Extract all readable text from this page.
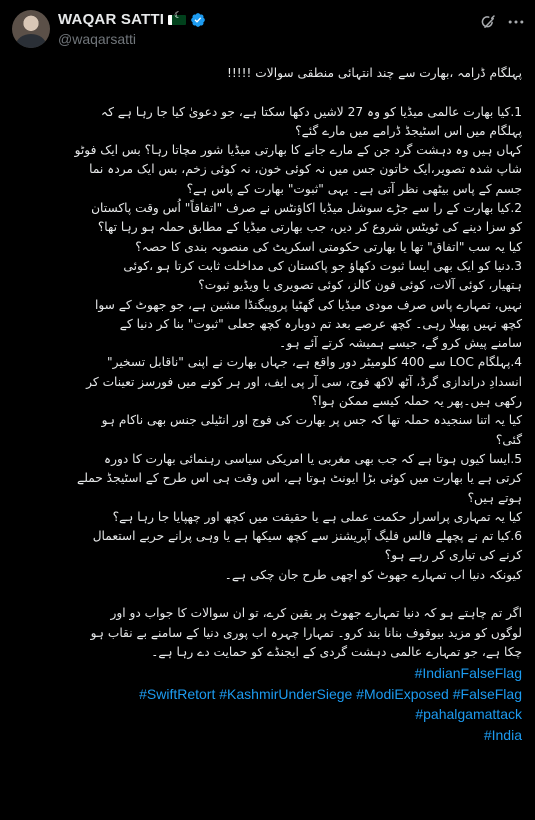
WAQAR SATTI
☾
@waqarsatti

پہلگام ڈرامہ ،بھارت سے چند انتہائی منطقی سوالات !!!!!

1.کیا بھارت عالمی میڈیا کو وہ 27 لاشیں دکھا سکتا ہے، جو دعویٰ کیا جا رہا ہے کہ

پہلگام میں اس اسٹیجڈ ڈرامے میں مارے گئے؟

کہاں ہیں وہ دہشت گرد جن کے مارے جانے کا بھارتی میڈیا شور مچاتا رہا؟ بس ایک فوٹو

شاپ شدہ تصویر،ایک خاتون جس میں نہ کوئی خون، نہ کوئی زخم، بس ایک مردہ نما

جسم کے پاس بیٹھی نظر آتی ہے۔ یہی "ثبوت" بھارت کے پاس ہے؟

2.کیا بھارت کے را سے جڑے سوشل میڈیا اکاؤنٹس نے صرف "اتفاقاً" اُس وقت پاکستان

کو سزا دینے کی ٹویٹس شروع کر دیں، جب بھارتی میڈیا کے مطابق حملہ ہو رہا تھا؟

کیا یہ سب "اتفاق" تھا یا بھارتی حکومتی اسکرپٹ کی منصوبہ بندی کا حصہ؟

3.دنیا کو ایک بھی ایسا ثبوت دکھاؤ جو پاکستان کی مداخلت ثابت کرتا ہو ،کوئی

ہتھیار، کوئی آلات، کوئی فون کالز، کوئی تصویری یا ویڈیو ثبوت؟

نہیں، تمہارے پاس صرف مودی میڈیا کی گھٹیا پروپیگنڈا مشین ہے، جو جھوٹ کے سوا

کچھ نہیں پھیلا رہی۔ کچھ عرصے بعد تم دوبارہ کچھ جعلی "ثبوت" بنا کر دنیا کے

سامنے پیش کرو گے، جیسے ہمیشہ کرتے آئے ہو۔

4.پہلگام LOC سے 400 کلومیٹر دور واقع ہے، جہاں بھارت نے اپنی "ناقابل تسخیر"

انسدادِ دراندازی گرڈ، آٹھ لاکھ فوج، سی آر پی ایف، اور ہر کونے میں فورسز تعینات کر

رکھی ہیں۔پھر یہ حملہ کیسے ممکن ہوا؟

کیا یہ اتنا سنجیدہ حملہ تھا کہ جس پر بھارت کی فوج اور انٹیلی جنس بھی ناکام ہو

گئی؟

5.ایسا کیوں ہوتا ہے کہ جب بھی مغربی یا امریکی سیاسی رہنمائی بھارت کا دورہ

کرتی ہے یا بھارت میں کوئی بڑا ایونٹ ہوتا ہے، اس وقت ہی اس طرح کے اسٹیجڈ حملے

ہوتے ہیں؟

کیا یہ تمہاری پراسرار حکمت عملی ہے یا حقیقت میں کچھ اور چھپایا جا رہا ہے؟

6.کیا تم نے پچھلے فالس فلیگ آپریشنز سے کچھ سیکھا ہے یا وہی پرانے حربے استعمال

کرنے کی تیاری کر رہے ہو؟

کیونکہ دنیا اب تمہارے جھوٹ کو اچھی طرح جان چکی ہے۔

اگر تم چاہتے ہو کہ دنیا تمہارے جھوٹ پر یقین کرے، تو ان سوالات کا جواب دو اور

لوگوں کو مزید بیوقوف بنانا بند کرو۔ تمہارا چہرہ اب پوری دنیا کے سامنے بے نقاب ہو

چکا ہے، جو تمہارے عالمی دہشت گردی کے ایجنڈے کو حمایت دے رہا ہے۔

#IndianFalseFlag
#SwiftRetort #KashmirUnderSiege #ModiExposed #FalseFlag
#pahalgamattack
#India
